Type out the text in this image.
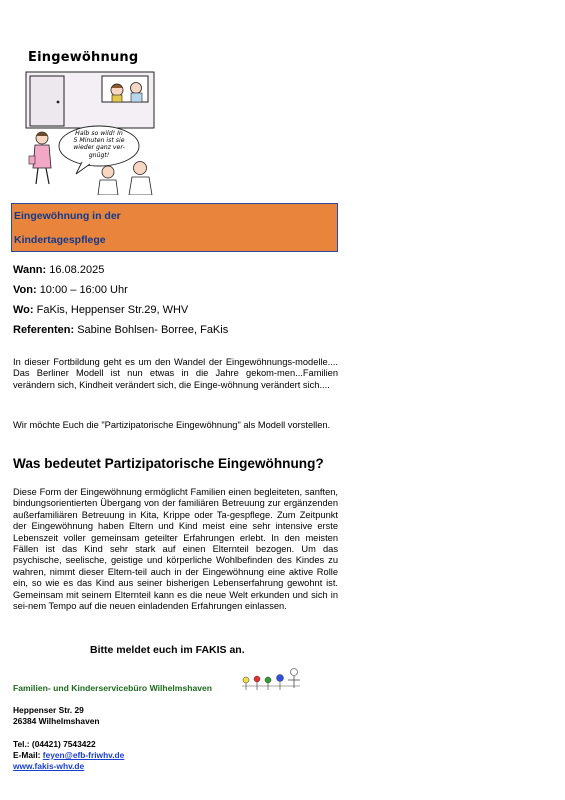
Eingewöhnung
Halb so wild! In
5 Minuten ist sie
wieder ganz ver-
gnügt!
Eingewöhnung in der
Kindertagespflege
Wann: 16.08.2025
Von: 10:00 – 16:00 Uhr
Wo: FaKis, Heppenser Str.29, WHV
Referenten: Sabine Bohlsen- Borree, FaKis
In dieser Fortbildung geht es um den Wandel der Eingewöhnungs-modelle.... Das Berliner Modell ist nun etwas in die Jahre gekom-men...Familien verändern sich, Kindheit verändert sich, die Einge-wöhnung verändert sich....
Wir möchte Euch die "Partizipatorische Eingewöhnung" als Modell vorstellen.
Was bedeutet Partizipatorische Eingewöhnung?
Diese Form der Eingewöhnung ermöglicht Familien einen begleiteten, sanften, bindungsorientierten Übergang von der familiären Betreuung zur ergänzenden außerfamiliären Betreuung in Kita, Krippe oder Ta-gespflege. Zum Zeitpunkt der Eingewöhnung haben Eltern und Kind meist eine sehr intensive erste Lebenszeit voller gemeinsam geteilter Erfahrungen erlebt. In den meisten Fällen ist das Kind sehr stark auf einen Elternteil bezogen. Um das psychische, seelische, geistige und körperliche Wohlbefinden des Kindes zu wahren, nimmt dieser Eltern-teil auch in der Eingewöhnung eine aktive Rolle ein, so wie es das Kind aus seiner bisherigen Lebenserfahrung gewohnt ist. Gemeinsam mit seinem Elternteil kann es die neue Welt erkunden und sich in sei-nem Tempo auf die neuen einladenden Erfahrungen einlassen.
Bitte meldet euch im FAKIS an.
Familien- und Kinderservicebüro Wilhelmshaven
Heppenser Str. 29
26384 Wilhelmshaven
Tel.: (04421) 7543422
E-Mail: feyen@efb-friwhv.de
www.fakis-whv.de
